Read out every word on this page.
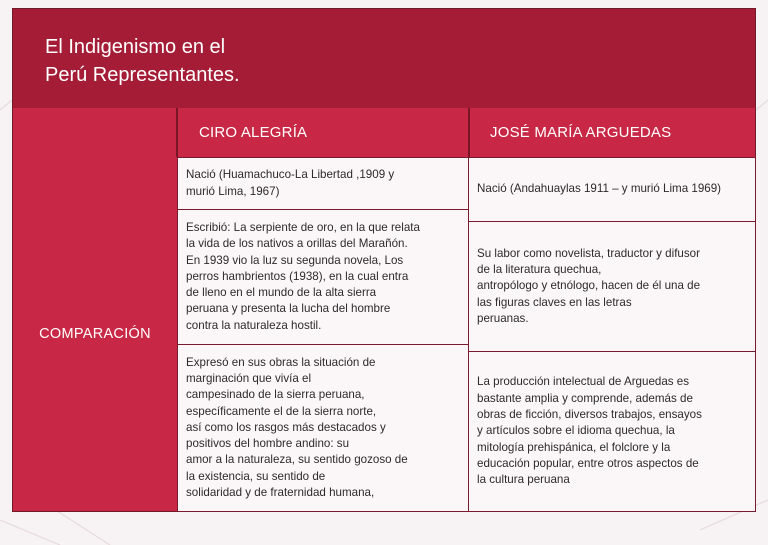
El Indigenismo en el
Perú Representantes.
CIRO ALEGRÍA	JOSÉ MARÍA ARGUEDAS
COMPARACIÓN
Nació (Huamachuco-La Libertad ,1909 y
murió Lima, 1967)
Escribió: La serpiente de oro, en la que relata
la vida de los nativos a orillas del Marañón.
En 1939 vio la luz su segunda novela, Los
perros hambrientos (1938), en la cual entra
de lleno en el mundo de la alta sierra
peruana y presenta la lucha del hombre
contra la naturaleza hostil.
Expresó en sus obras la situación de
marginación que vivía el
campesinado de la sierra peruana,
específicamente el de la sierra norte,
así como los rasgos más destacados y
positivos del hombre andino: su
amor a la naturaleza, su sentido gozoso de
la existencia, su sentido de
solidaridad y de fraternidad humana,
Nació (Andahuaylas 1911 – y murió Lima 1969)
Su labor como novelista, traductor y difusor
de la literatura quechua,
antropólogo y etnólogo, hacen de él una de
las figuras claves en las letras
peruanas.
La producción intelectual de Arguedas es
bastante amplia y comprende, además de
obras de ficción, diversos trabajos, ensayos
y artículos sobre el idioma quechua, la
mitología prehispánica, el folclore y la
educación popular, entre otros aspectos de
la cultura peruana
